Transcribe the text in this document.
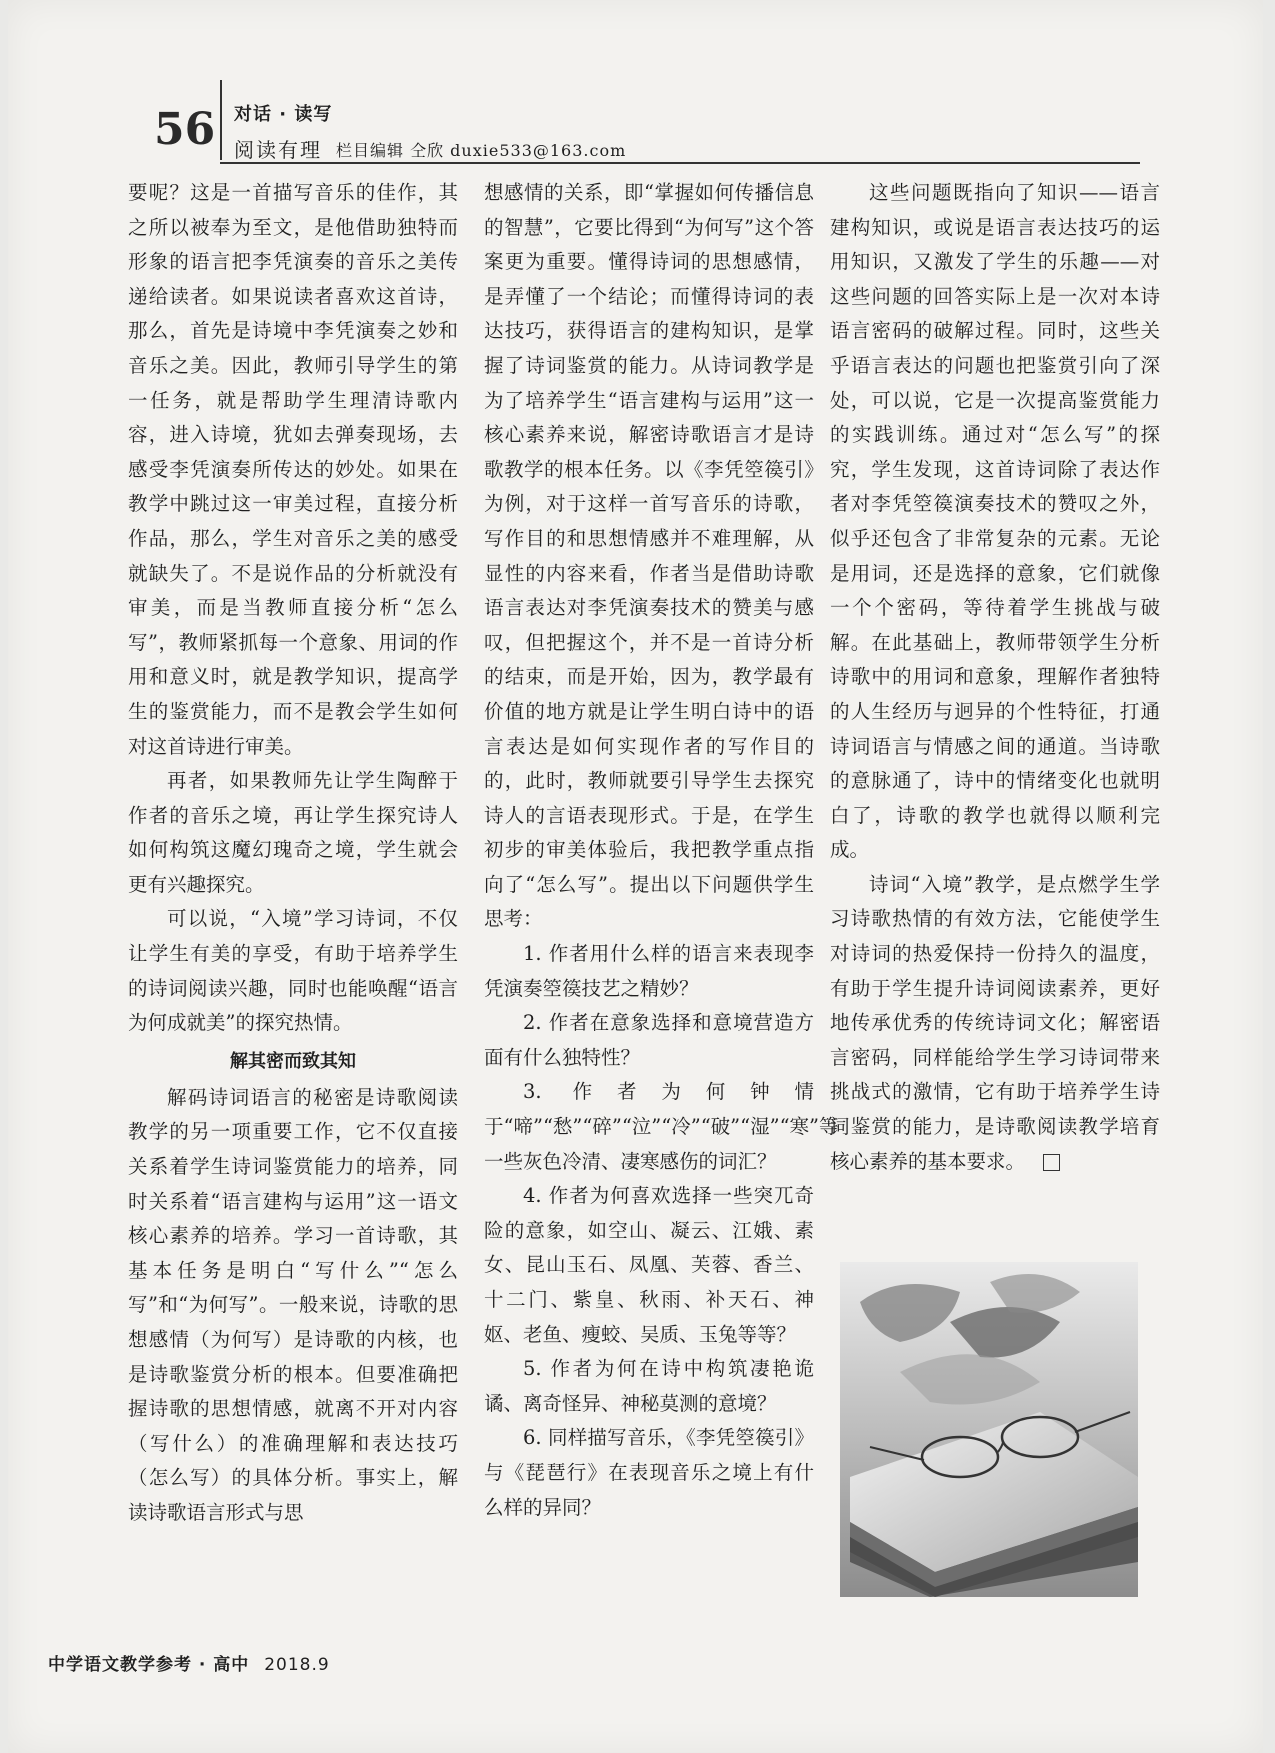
56 对话 · 读写
阅读有理 栏目编辑 仝欣 duxie533@163.com

要呢？这是一首描写音乐的佳作，其之所以被奉为至文，是他借助独特而形象的语言把李凭演奏的音乐之美传递给读者。如果说读者喜欢这首诗，那么，首先是诗境中李凭演奏之妙和音乐之美。因此，教师引导学生的第一任务，就是帮助学生理清诗歌内容，进入诗境，犹如去弹奏现场，去感受李凭演奏所传达的妙处。如果在教学中跳过这一审美过程，直接分析作品，那么，学生对音乐之美的感受就缺失了。不是说作品的分析就没有审美，而是当教师直接分析“怎么写”，教师紧抓每一个意象、用词的作用和意义时，就是教学知识，提高学生的鉴赏能力，而不是教会学生如何对这首诗进行审美。

再者，如果教师先让学生陶醉于作者的音乐之境，再让学生探究诗人如何构筑这魔幻瑰奇之境，学生就会更有兴趣探究。

可以说，“入境”学习诗词，不仅让学生有美的享受，有助于培养学生的诗词阅读兴趣，同时也能唤醒“语言为何成就美”的探究热情。

解其密而致其知

解码诗词语言的秘密是诗歌阅读教学的另一项重要工作，它不仅直接关系着学生诗词鉴赏能力的培养，同时关系着“语言建构与运用”这一语文核心素养的培养。学习一首诗歌，其基本任务是明白“写什么”“怎么写”和“为何写”。一般来说，诗歌的思想感情（为何写）是诗歌的内核，也是诗歌鉴赏分析的根本。但要准确把握诗歌的思想情感，就离不开对内容（写什么）的准确理解和表达技巧（怎么写）的具体分析。事实上，解读诗歌语言形式与思

想感情的关系，即“掌握如何传播信息的智慧”，它要比得到“为何写”这个答案更为重要。懂得诗词的思想感情，是弄懂了一个结论；而懂得诗词的表达技巧，获得语言的建构知识，是掌握了诗词鉴赏的能力。从诗词教学是为了培养学生“语言建构与运用”这一核心素养来说，解密诗歌语言才是诗歌教学的根本任务。以《李凭箜篌引》为例，对于这样一首写音乐的诗歌，写作目的和思想情感并不难理解，从显性的内容来看，作者当是借助诗歌语言表达对李凭演奏技术的赞美与感叹，但把握这个，并不是一首诗分析的结束，而是开始，因为，教学最有价值的地方就是让学生明白诗中的语言表达是如何实现作者的写作目的的，此时，教师就要引导学生去探究诗人的言语表现形式。于是，在学生初步的审美体验后，我把教学重点指向了“怎么写”。提出以下问题供学生思考：

1. 作者用什么样的语言来表现李凭演奏箜篌技艺之精妙？

2. 作者在意象选择和意境营造方面有什么独特性？

3. 作者为何钟情于“啼”“愁”“碎”“泣”“冷”“破”“湿”“寒”等一些灰色冷清、凄寒感伤的词汇？

4. 作者为何喜欢选择一些突兀奇险的意象，如空山、凝云、江娥、素女、昆山玉石、凤凰、芙蓉、香兰、十二门、紫皇、秋雨、补天石、神妪、老鱼、瘦蛟、吴质、玉兔等等？

5. 作者为何在诗中构筑凄艳诡谲、离奇怪异、神秘莫测的意境？

6. 同样描写音乐，《李凭箜篌引》与《琵琶行》在表现音乐之境上有什么样的异同？

这些问题既指向了知识——语言建构知识，或说是语言表达技巧的运用知识，又激发了学生的乐趣——对这些问题的回答实际上是一次对本诗语言密码的破解过程。同时，这些关乎语言表达的问题也把鉴赏引向了深处，可以说，它是一次提高鉴赏能力的实践训练。通过对“怎么写”的探究，学生发现，这首诗词除了表达作者对李凭箜篌演奏技术的赞叹之外，似乎还包含了非常复杂的元素。无论是用词，还是选择的意象，它们就像一个个密码，等待着学生挑战与破解。在此基础上，教师带领学生分析诗歌中的用词和意象，理解作者独特的人生经历与迥异的个性特征，打通诗词语言与情感之间的通道。当诗歌的意脉通了，诗中的情绪变化也就明白了，诗歌的教学也就得以顺利完成。

诗词“入境”教学，是点燃学生学习诗歌热情的有效方法，它能使学生对诗词的热爱保持一份持久的温度，有助于学生提升诗词阅读素养，更好地传承优秀的传统诗词文化；解密语言密码，同样能给学生学习诗词带来挑战式的激情，它有助于培养学生诗词鉴赏的能力，是诗歌阅读教学培育核心素养的基本要求。

中学语文教学参考 · 高中 2018.9
